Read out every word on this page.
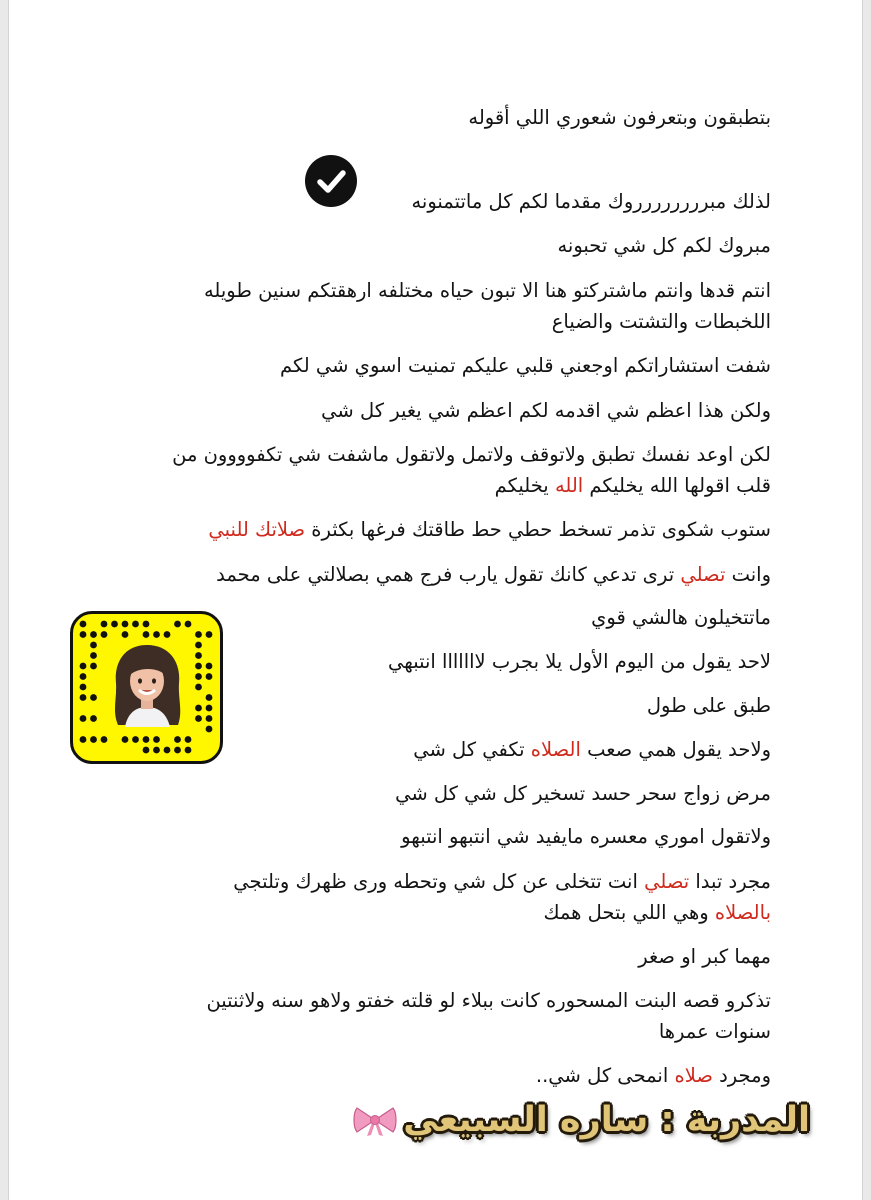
بتطبقون وبتعرفون شعوري اللي أقوله
لذلك مبرررررررروك مقدما لكم كل ماتتمنونه
مبروك لكم كل شي تحبونه
انتم قدها وانتم ماشتركتو هنا الا تبون حياه مختلفه ارهقتكم سنين طويله
اللخبطات والتشتت والضياع
شفت استشاراتكم اوجعني قلبي عليكم تمنيت اسوي شي لكم
ولكن هذا اعظم شي اقدمه لكم اعظم شي يغير كل شي
لكن اوعد نفسك تطبق ولاتوقف ولاتمل ولاتقول ماشفت شي تكفوووون من
قلب اقولها الله يخليكم الله يخليكم
ستوب شكوى تذمر تسخط حطي حط طاقتك فرغها بكثرة صلاتك للنبي
وانت تصلي ترى تدعي كانك تقول يارب فرج همي بصلالتي على محمد
ماتتخيلون هالشي قوي
لاحد يقول من اليوم الأول يلا بجرب لااااااا انتبهي
طبق على طول
ولاحد يقول همي صعب الصلاه تكفي كل شي
مرض زواج سحر حسد تسخير كل شي كل شي
ولاتقول اموري معسره مايفيد شي انتبهو انتبهو
مجرد تبدا تصلي انت تتخلى عن كل شي وتحطه ورى ظهرك وتلتجي
بالصلاه وهي اللي بتحل همك
مهما كبر او صغر
تذكرو قصه البنت المسحوره كانت ببلاء لو قلته خفتو ولاهو سنه ولاثنتين
سنوات عمرها
ومجرد صلاه انمحى كل شي..
المدربة : ساره السبيعي
